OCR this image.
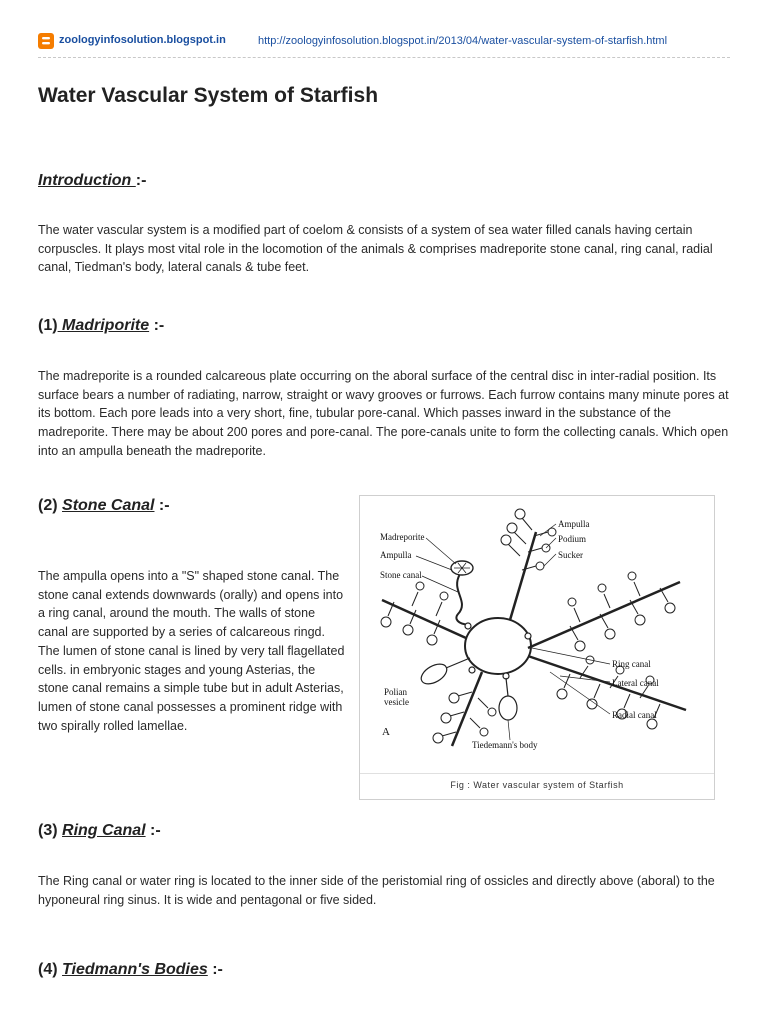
zoologyinfosolution.blogspot.in	http://zoologyinfosolution.blogspot.in/2013/04/water-vascular-system-of-starfish.html
Water Vascular System of Starfish
Introduction :-

The water vascular system is a modified part of coelom & consists of a system of sea water filled canals having certain corpuscles. It plays most vital role in the locomotion of the animals & comprises madreporite stone canal, ring canal, radial canal, Tiedman's body, lateral canals & tube feet.

(1) Madriporite :-

The madreporite is a rounded calcareous plate occurring on the aboral surface of the central disc in inter-radial position. Its surface bears a number of radiating, narrow, straight or wavy grooves or furrows. Each furrow contains many minute pores at its bottom. Each pore leads into a very short, fine, tubular pore-canal. Which passes inward in the substance of the madreporite. There may be about 200 pores and pore-canal. The pore-canals unite to form the collecting canals. Which open into an ampulla beneath the madreporite.

(2) Stone Canal :-

The ampulla opens into a "S" shaped stone canal. The stone canal extends downwards (orally) and opens into a ring canal, around the mouth. The walls of stone canal are supported by a series of calcareous ringd. The lumen of stone canal is lined by very tall flagellated cells. in embryonic stages and young Asterias, the stone canal remains a simple tube but in adult Asterias, lumen of stone canal possesses a prominent ridge with two spirally rolled lamellae.

Madreporite
Ampulla
Stone canal
Ampulla
Podium
Sucker
Ring canal
Lateral canal
Radial canal
Polian
vesicle
Tiedemann's body
A
Fig : Water vascular system of Starfish
(3) Ring Canal :-

The Ring canal or water ring is located to the inner side of the peristomial ring of ossicles and directly above (aboral) to the hyponeural ring sinus. It is wide and pentagonal or five sided.

(4) Tiedmann's Bodies :-
